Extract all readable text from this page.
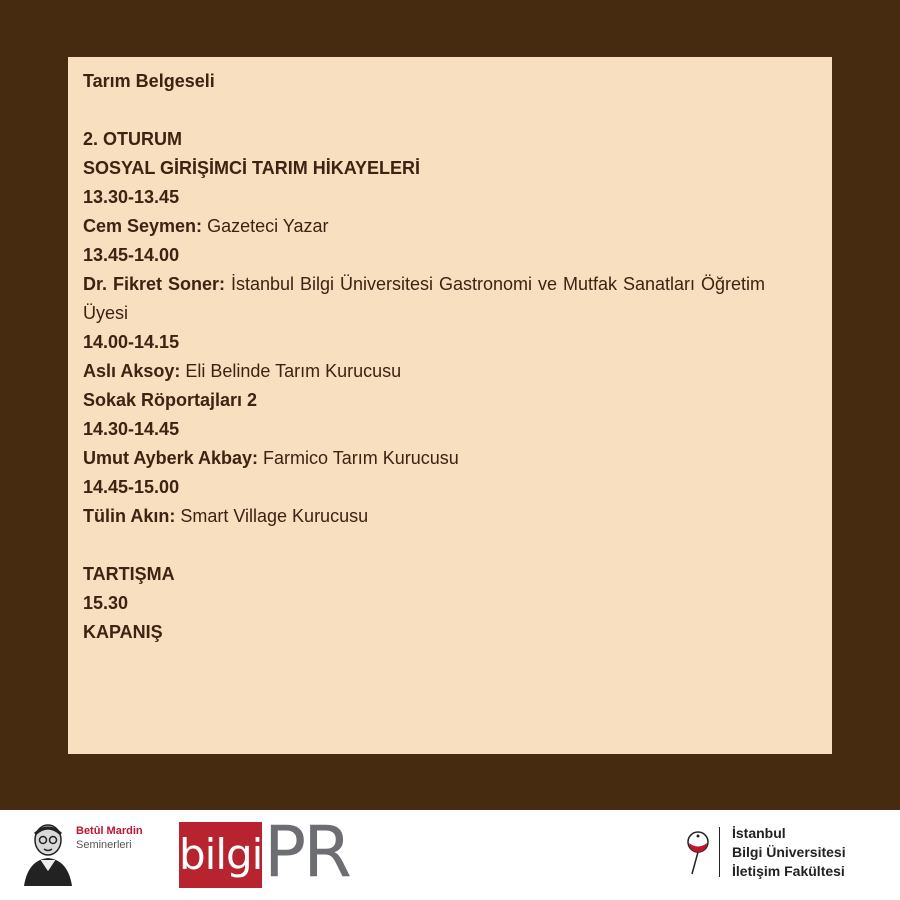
Tarım Belgeseli
2. OTURUM
SOSYAL GİRİŞİMCİ TARIM HİKAYELERİ
13.30-13.45
Cem Seymen: Gazeteci Yazar
13.45-14.00
Dr. Fikret Soner: İstanbul Bilgi Üniversitesi Gastronomi ve Mutfak Sanatları Öğretim Üyesi
14.00-14.15
Aslı Aksoy: Eli Belinde Tarım Kurucusu
Sokak Röportajları 2
14.30-14.45
Umut Ayberk Akbay: Farmico Tarım Kurucusu
14.45-15.00
Tülin Akın: Smart Village Kurucusu
TARTIŞMA
15.30
KAPANIŞ
Betûl Mardin
Seminerleri bilgi PR	İstanbul
Bilgi Üniversitesi
İletişim Fakültesi
